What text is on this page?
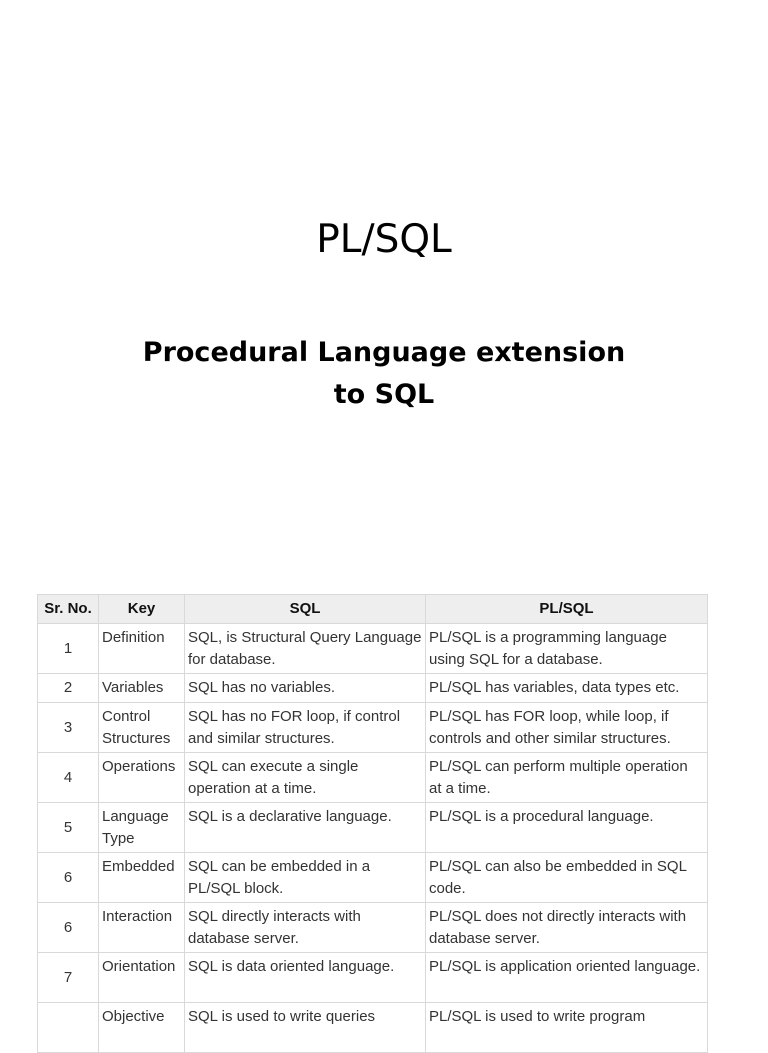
PL/SQL
Procedural Language extension
to SQL
Sr. No.	Key	SQL	PL/SQL
1	Definition	SQL, is Structural Query Language for database.	PL/SQL is a programming language using SQL for a database.
2	Variables	SQL has no variables.	PL/SQL has variables, data types etc.
3	Control Structures	SQL has no FOR loop, if control and similar structures.	PL/SQL has FOR loop, while loop, if controls and other similar structures.
4	Operations	SQL can execute a single operation at a time.	PL/SQL can perform multiple operation at a time.
5	Language Type	SQL is a declarative language.	PL/SQL is a procedural language.
6	Embedded	SQL can be embedded in a PL/SQL block.	PL/SQL can also be embedded in SQL code.
6	Interaction	SQL directly interacts with database server.	PL/SQL does not directly interacts with database server.
7	Orientation	SQL is data oriented language.	PL/SQL is application oriented language.
	Objective	SQL is used to write queries	PL/SQL is used to write program
